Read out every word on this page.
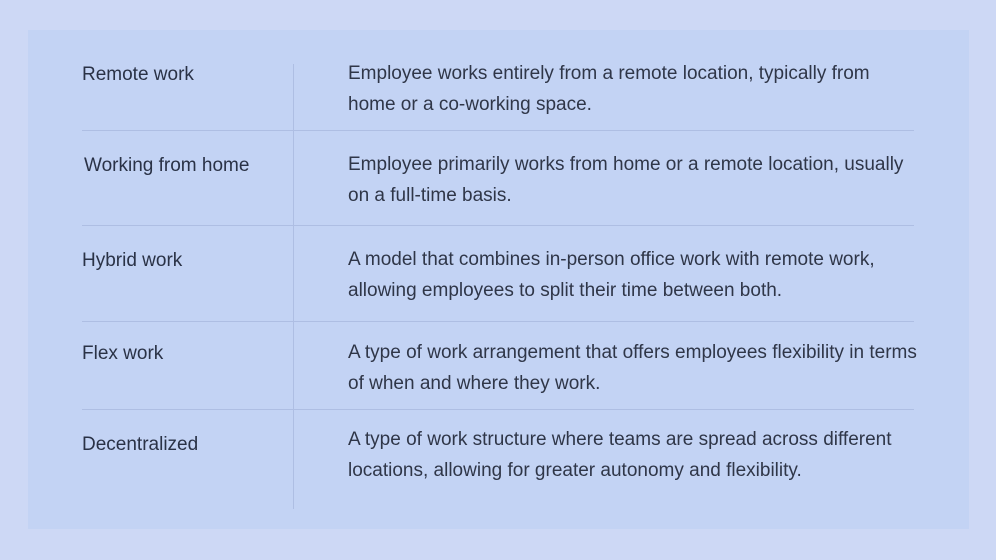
Remote work	Employee works entirely from a remote location, typically from home or a co-working space.
Working from home	Employee primarily works from home or a remote location, usually on a full-time basis.
Hybrid work	A model that combines in-person office work with remote work, allowing employees to split their time between both.
Flex work	A type of work arrangement that offers employees flexibility in terms of when and where they work.
Decentralized	A type of work structure where teams are spread across different locations, allowing for greater autonomy and flexibility.
